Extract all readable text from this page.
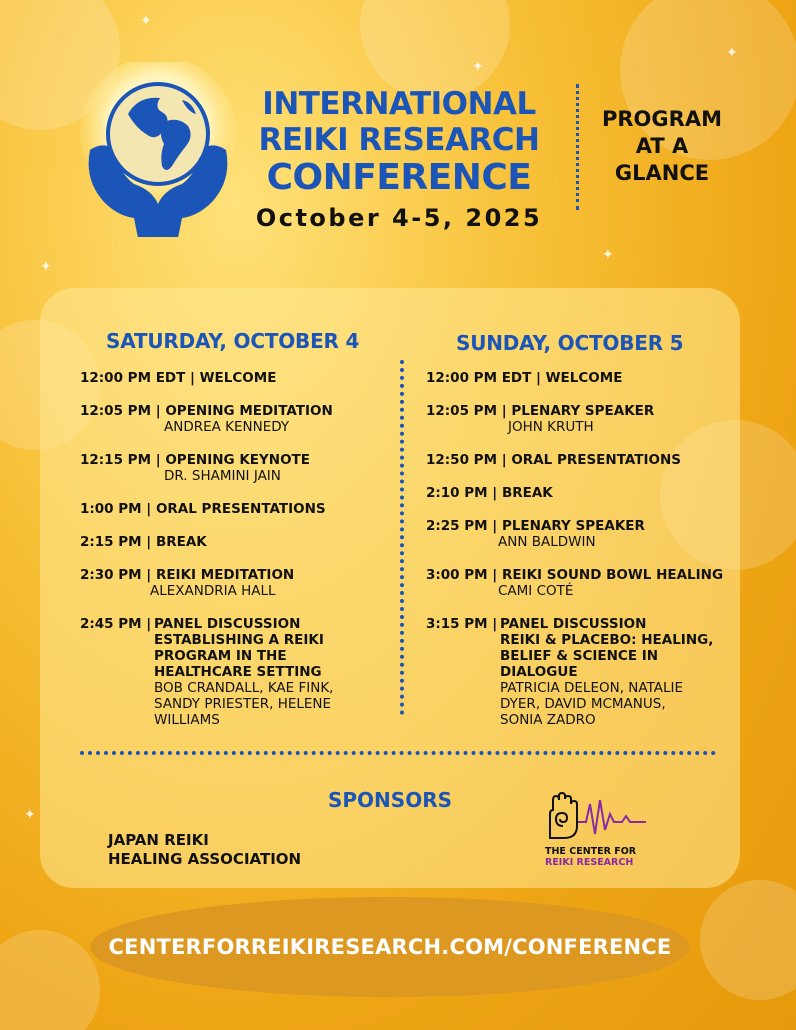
✦
✦
✦
✦
✦
✦
INTERNATIONAL
REIKI RESEARCH
CONFERENCE
October 4-5, 2025
PROGRAM
AT A
GLANCE
SATURDAY, OCTOBER 4	SUNDAY, OCTOBER 5
12:00 PM EDT | WELCOME
12:05 PM | OPENING MEDITATION
ANDREA KENNEDY
12:15 PM | OPENING KEYNOTE
DR. SHAMINI JAIN
1:00 PM | ORAL PRESENTATIONS
2:15 PM | BREAK
2:30 PM | REIKI MEDITATION
ALEXANDRIA HALL
2:45 PM | PANEL DISCUSSION
ESTABLISHING A REIKI
PROGRAM IN THE
HEALTHCARE SETTING
BOB CRANDALL, KAE FINK,
SANDY PRIESTER, HELENE
WILLIAMS
12:00 PM EDT | WELCOME
12:05 PM | PLENARY SPEAKER
JOHN KRUTH
12:50 PM | ORAL PRESENTATIONS
2:10 PM | BREAK
2:25 PM | PLENARY SPEAKER
ANN BALDWIN
3:00 PM | REIKI SOUND BOWL HEALING
CAMI COTÉ
3:15 PM | PANEL DISCUSSION
REIKI & PLACEBO: HEALING,
BELIEF & SCIENCE IN
DIALOGUE
PATRICIA DELEON, NATALIE
DYER, DAVID MCMANUS,
SONIA ZADRO
SPONSORS
JAPAN REIKI
HEALING ASSOCIATION	THE CENTER FOR
REIKI RESEARCH
CENTERFORREIKIRESEARCH.COM/CONFERENCE
